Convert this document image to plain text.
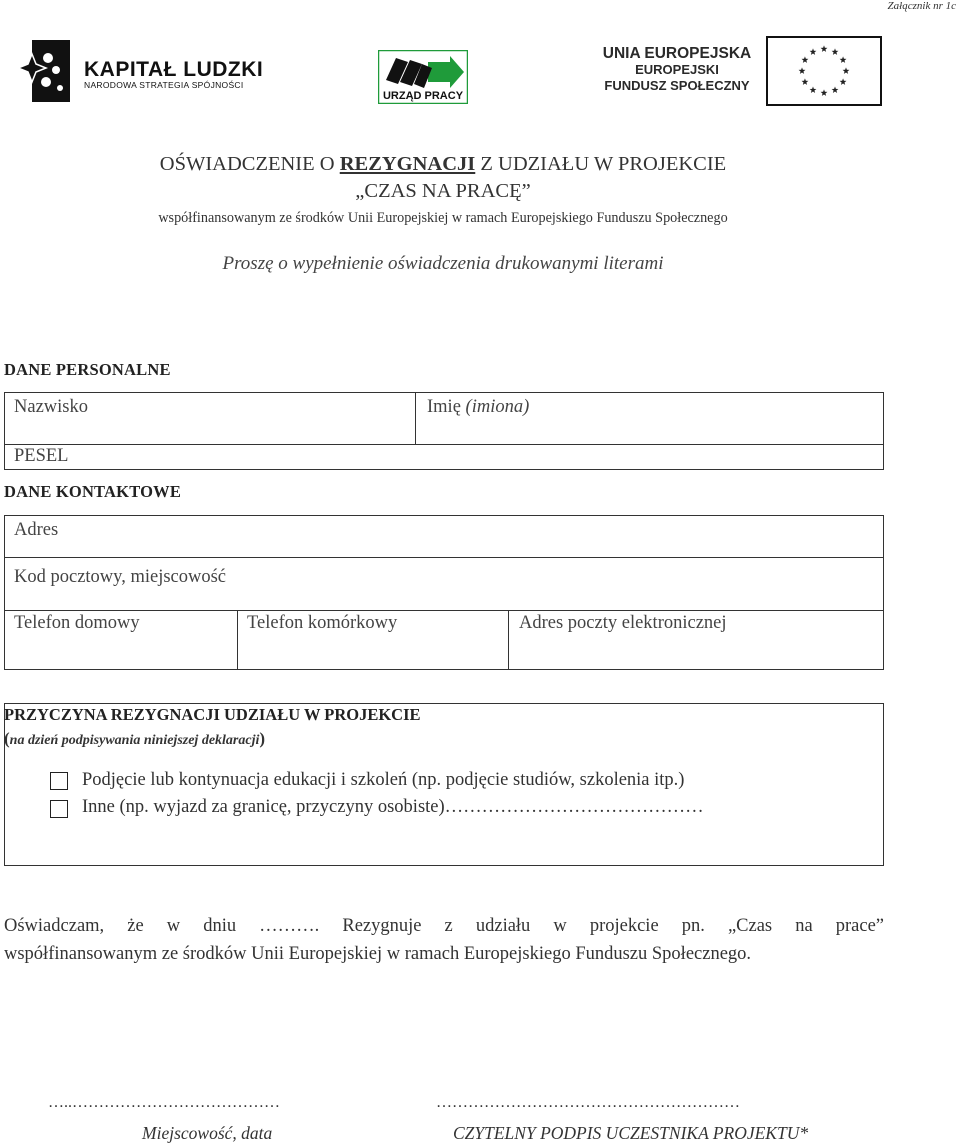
Załącznik nr 1c
KAPITAŁ LUDZKI
NARODOWA STRATEGIA SPÓJNOŚCI
URZĄD PRACY
UNIA EUROPEJSKA
EUROPEJSKI
FUNDUSZ SPOŁECZNY
OŚWIADCZENIE O REZYGNACJI Z UDZIAŁU W PROJEKCIE
„CZAS NA PRACĘ”
współfinansowanym ze środków Unii Europejskiej w ramach Europejskiego Funduszu Społecznego
Proszę o wypełnienie oświadczenia drukowanymi literami
DANE PERSONALNE
Nazwisko	Imię (imiona)
PESEL
DANE KONTAKTOWE
Adres
Kod pocztowy, miejscowość
Telefon domowy	Telefon komórkowy	Adres poczty elektronicznej
PRZYCZYNA REZYGNACJI UDZIAŁU W PROJEKCIE
(na dzień podpisywania niniejszej deklaracji)
Podjęcie lub kontynuacja edukacji i szkoleń (np. podjęcie studiów, szkolenia itp.)
Inne (np. wyjazd za granicę, przyczyny osobiste)……………………………………
Oświadczam, że w dniu ………. Rezygnuje z udziału w projekcie pn. „Czas na prace”
współfinansowanym ze środków Unii Europejskiej w ramach Europejskiego Funduszu Społecznego.
…..…………………………………
Miejscowość, data
…………………………………………………
CZYTELNY PODPIS UCZESTNIKA PROJEKTU*
